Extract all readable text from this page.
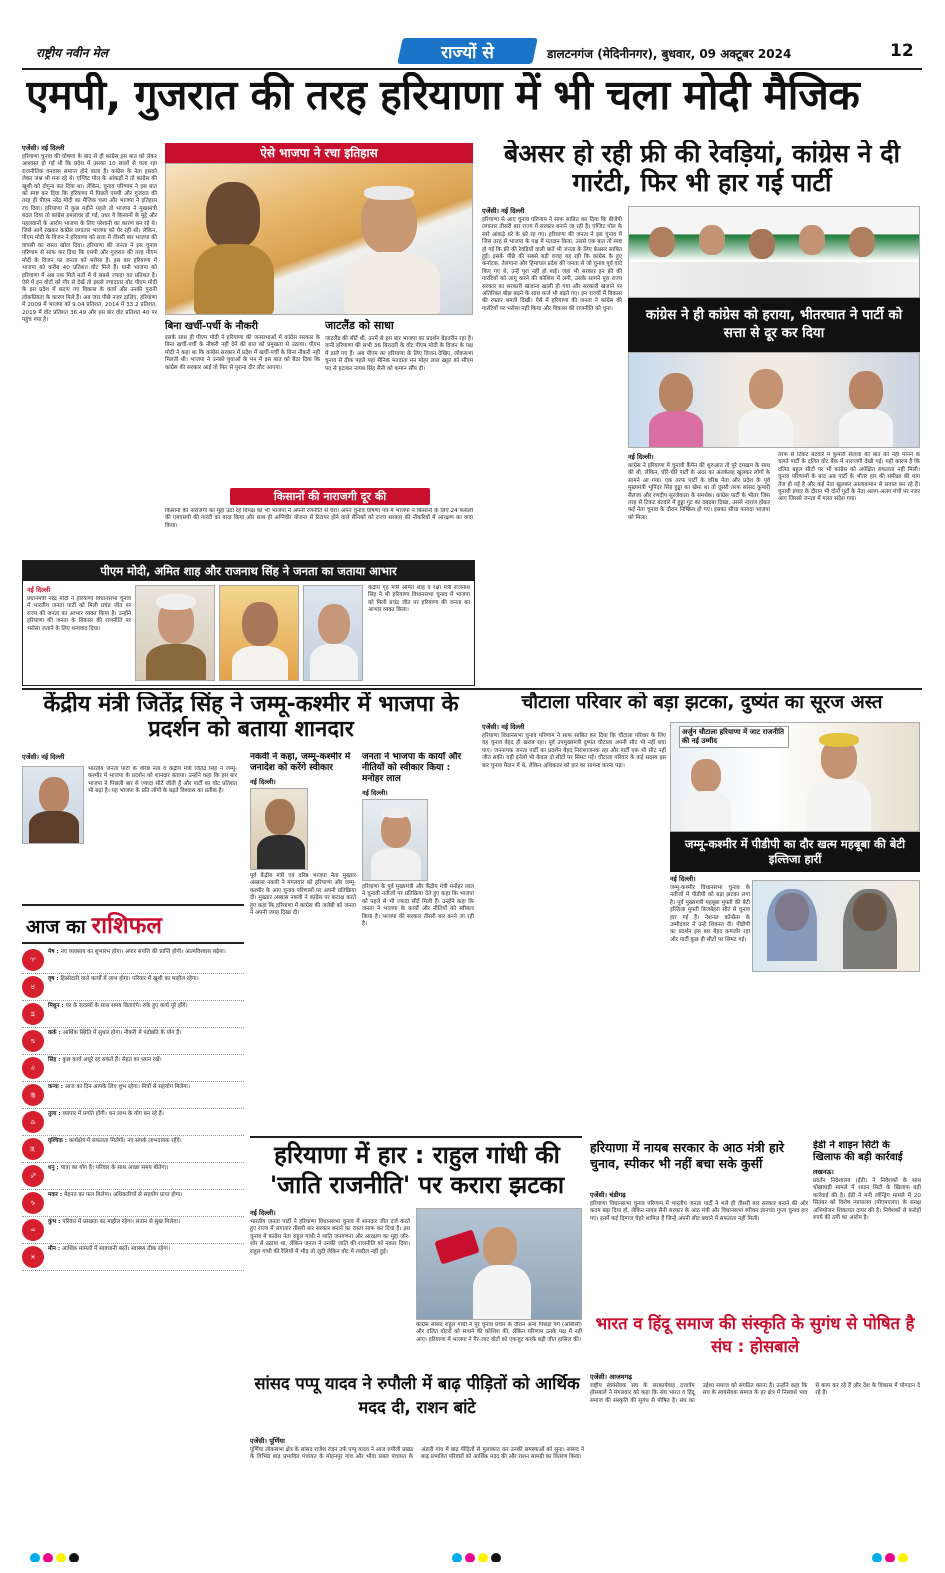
राष्ट्रीय नवीन मेल	राज्यों से	डालटनगंज (मेदिनीनगर), बुधवार, 09 अक्टूबर 2024	12
एमपी, गुजरात की तरह हरियाणा में भी चला मोदी मैजिक
एजेंसी। नई दिल्ली
हरियाणा चुनाव की घोषणा के बाद से ही कांग्रेस इस बात को लेकर आश्वस्त हो गई थी कि प्रदेश में उसका 10 सालों से चला रहा राजनीतिक वनवास समाप्त होने वाला है। कांग्रेस के नेता इसको लेकर जश्न भी मना रहे थे। एग्जिट पोल के आंकड़ों ने तो कांग्रेस की खुशी को दोगुना कर दिया था। लेकिन, चुनाव परिणाम ने इस बात को स्पष्ट कर दिया कि हरियाणा में पिछले एमपी और गुजरात की तरह ही पीएम नरेंद्र मोदी का मैजिक चला और भाजपा ने इतिहास रच दिया। हरियाणा में कुछ महीने पहले तो भाजपा ने मुख्यमंत्री बदल दिया तो कांग्रेस हमलावर हो गई, उधर ये किसानों के मुद्दे और पहलवानों के आरोप भाजपा के लिए परेशानी का कारण बन रहे थे। जिसे आगे रखकर कांग्रेस लगातार भाजपा को घेर रही थी। लेकिन, पीएम मोदी के विजन ने हरियाणा को सत्ता में तीसरी बार भाजपा की वापसी का रास्ता खोल दिया। हरियाणा की जनता ने इस चुनाव परिणाम से साफ कर दिया कि एमपी और गुजरात की तरह पीएम मोदी के विजन पर जनता को भरोसा है। इस बार हरियाणा में भाजपा को करीब 40 प्रतिशत वोट मिले हैं। यानी भाजपा को हरियाणा में अब तक मिले मतों में ये सबसे ज्यादा वत प्रतिशत है। ऐसे में इन वोटों को गौर से देखें तो इससे ज्यादातर वोट पीएम मोदी के इस प्रदेश में कराए गए विकास के कार्य और उनकी पुरानी लोकप्रियता के कारण मिले हैं। अब जरा पीछे नजर डालिए, हरियाणा में 2009 में भाजपा को 9.04 प्रतिशत, 2014 में 33.2 प्रतिशत, 2019 में वोट प्रतिशत 36.49 और इस बार वोट प्रतिशत 40 पर पहुंच गया है।
ऐसे भाजपा ने रचा इतिहास
बिना खर्ची-पर्ची के नौकरी
इसके साथ ही पीएम मोदी ने हरियाणा की जनसभाओं में कांग्रेस सरकार के बिना खर्ची-पर्ची के नौकरी नहीं देने की बात को प्रमुखता से उठाया। पीएम मोदी ने कहा था कि कांग्रेस सरकार में प्रदेश में खर्ची-पर्ची के बिना नौकरी नहीं मिलती थी। भाजपा ने उनको युवाओं के मन में इस बात को बैठा दिया कि कांग्रेस की सरकार आई तो फिर से पुराना दौर लौट आएगा।
जाटलैंड को साधा
जाटलैंड की सीटें थीं, उनमें से इस बार भाजपा का प्रदर्शन बेहतरीन रहा है। यानी हरियाणा की सभी 36 बिरादरी के वोट पीएम मोदी के विजन के पक्ष में डाले गए हैं। अब पीएम का हरियाणा के लिए विजन देखिए, लोकसभा चुनाव से ठीक पहले यहां सैनिक मतदाता मन मोहर लाल खट्टर को सीएम पद से हटाकर नायब सिंह सैनी को कमान सौंप दी।
किसानों की नाराजगी दूर की
किसानों की नाराजगी का मुद्दा उठा रहे विपक्ष को भी भाजपा ने अपनी रणनीति से घेरा। अपने चुनाव घोषणा पत्र में भाजपा ने किसानों के लिए 24 फसलों की एमएसपी की गारंटी का वादा किया और साथ ही अग्निवीर योजना से रिटायर होने वाले सैनिकों को राज्य सरकार की नौकरियों में आरक्षण का वादा किया।
पीएम मोदी, अमित शाह और राजनाथ सिंह ने जनता का जताया आभार
नई दिल्ली
प्रधानमंत्री नरेंद्र मोदी ने हरियाणा विधानसभा चुनाव में भारतीय जनता पार्टी को मिली प्रचंड जीत पर राज्य की जनता का आभार व्यक्त किया है। उन्होंने हरियाणा की जनता के विकास की राजनीति पर भरोसा जताने के लिए धन्यवाद दिया।
केंद्रीय गृह मंत्री अमित शाह व रक्षा मंत्री राजनाथ सिंह ने भी हरियाणा विधानसभा चुनाव में भाजपा को मिली प्रचंड जीत पर हरियाणा की जनता का आभार व्यक्त किया।
बेअसर हो रही फ्री की रेवड़ियां, कांग्रेस ने दी गारंटी, फिर भी हार गई पार्टी
एजेंसी। नई दिल्ली
हरियाणा से आए चुनाव परिणाम ने साफ साबित कर दिया कि बीजेपी लगातार तीसरी बार राज्य में सरकार बनाने जा रही है। एग्जिट पोल के सारे आंकड़े धरे के धरे रह गए। हरियाणा की जनता ने इस चुनाव में जिस तरह से भाजपा के पक्ष में मतदान किया, उससे एक बात तो स्पष्ट हो गई कि फ्री की रेवड़ियों वाली बातें भी जनता के लिए बेअसर साबित हुईं। इसके पीछे की सबसे बड़ी वजह यह रही कि कांग्रेस के हुए कर्नाटक, तेलंगाना और हिमाचल प्रदेश की जनता से जो चुनाव पूर्व वादे किए गए थे, उन्हें पूरा नहीं हो पाई। जहां भी सरकार इन फ्री की गारंटियों को लागू करने की कोशिश में लगी, उसके सामने पूरा राज्य सरकार का सरकारी खजाना खाली हो गया और सरकारी खजाने पर अतिरिक्त बोझ बढ़ने के साथ कर्ज भी बढ़ते गए। इन राज्यों में विकास की रफ्तार थमती दिखी। ऐसे में हरियाणा की जनता ने कांग्रेस की गारंटियों पर भरोसा नहीं किया और विकास की राजनीति को चुना।	कांग्रेस ने ही कांग्रेस को हराया, भीतरघात ने पार्टी को सत्ता से दूर कर दिया
नई दिल्ली।
कांग्रेस ने हरियाणा में चुनावी कैंपेन की शुरुआत तो पूरे दमखम के साथ की थी, लेकिन, धीरे-धीरे पार्टी के अंदर का अंतर्कलह खुलकर लोगों के सामने आ गया। एक तरफ पार्टी के वरिष्ठ नेता और प्रदेश के पूर्व मुख्यमंत्री भूपिंदर सिंह हुड्डा का खेमा था तो दूसरी तरफ सांसद कुमारी सैलजा और रणदीप सुरजेवाला के समर्थक। कांग्रेस पार्टी के भीतर जिस तरह से टिकट बंटवारे में हुड्डा गुट का दबदबा दिखा, उससे नाराज होकर कई नेता चुनाव के दौरान निष्क्रिय हो गए। इसका सीधा फायदा भाजपा को मिला।
तरफ से टिकट बंटवारे में कुमारी सैलजा की बात को नहीं मानने के चलते पार्टी के दलित वोट बैंक में नाराजगी देखी गई। यही कारण है कि दलित बहुल सीटों पर भी कांग्रेस को अपेक्षित सफलता नहीं मिली। चुनाव परिणामों के बाद अब पार्टी के भीतर हार की समीक्षा की मांग तेज हो गई है और कई नेता खुलकर आलाकमान से सवाल कर रहे हैं। चुनावी प्रचार के दौरान भी दोनों गुटों के नेता अलग-अलग मंचों पर नजर आए जिससे जनता में गलत संदेश गया।
केंद्रीय मंत्री जितेंद्र सिंह ने जम्मू-कश्मीर में भाजपा के प्रदर्शन को बताया शानदार
एजेंसी। नई दिल्ली
भारतीय जनता पार्टी के वरिष्ठ नेता व केंद्रीय मंत्री जितेंद्र सिंह ने जम्मू-कश्मीर में भाजपा के प्रदर्शन को शानदार बताया। उन्होंने कहा कि इस बार भाजपा ने पिछली बार से ज्यादा सीटें जीती हैं और पार्टी का वोट प्रतिशत भी बढ़ा है। यह भाजपा के प्रति लोगों के बढ़ते विश्वास का प्रतीक है।
नकवी ने कहा, जम्मू-कश्मीर में जनादेश को करेंगे स्वीकार
नई दिल्ली।
पूर्व केंद्रीय मंत्री एवं वरिष्ठ भाजपा नेता मुख्तार अब्बास नकवी ने मंगलवार को हरियाणा और जम्मू-कश्मीर के आए चुनाव परिणामों पर अपनी प्रतिक्रिया दी। मुख्तार अब्बास नकवी ने कांग्रेस पर कटाक्ष करते हुए कहा कि हरियाणा में कांग्रेस की जलेबी को जनता ने अपनी जगह दिखा दी।
जनता ने भाजपा के कार्यों और नीतियों को स्वीकार किया : मनोहर लाल
नई दिल्ली।
हरियाणा के पूर्व मुख्यमंत्री और केंद्रीय मंत्री मनोहर लाल ने चुनावी नतीजों पर प्रतिक्रिया देते हुए कहा कि भाजपा को पहले से भी ज्यादा सीटें मिली हैं। उन्होंने कहा कि जनता ने भाजपा के कार्यों और नीतियों को स्वीकार किया है। भाजपा की सरकार तीसरी बार बनने जा रही है।
आज का राशिफल
♈
मेष : नए व्यवसाय का शुभारंभ होगा। अपार संपत्ति की प्राप्ति होगी। आत्मविश्वास बढ़ेगा।
♉
वृष : हिस्सेदारी वाले कार्यों में लाभ होगा। परिवार में खुशी का माहौल रहेगा।
♊
मिथुन : घर के सदस्यों के साथ समय बिताएंगे। रुके हुए कार्य पूरे होंगे।
♋
कर्क : आर्थिक स्थिति में सुधार होगा। नौकरी में पदोन्नति के योग हैं।
♌
सिंह : कुछ कार्य अधूरे रह सकते हैं। सेहत का ध्यान रखें।
♍
कन्या : आज का दिन आपके लिए शुभ रहेगा। मित्रों से सहयोग मिलेगा।
♎
तुला : व्यापार में प्रगति होगी। धन लाभ के योग बन रहे हैं।
♏
वृश्चिक : कार्यक्षेत्र में सफलता मिलेगी। नए संपर्क लाभदायक रहेंगे।
♐
धनु : यात्रा का योग है। परिवार के साथ अच्छा समय बीतेगा।
♑
मकर : मेहनत का फल मिलेगा। अधिकारियों से सहयोग प्राप्त होगा।
♒
कुंभ : परिवार में प्रसन्नता का माहौल रहेगा। संतान से सुख मिलेगा।
♓
मीन : आर्थिक मामलों में सावधानी बरतें। स्वास्थ्य ठीक रहेगा।
चौटाला परिवार को बड़ा झटका, दुष्यंत का सूरज अस्त
एजेंसी। नई दिल्ली
हरियाणा विधानसभा चुनाव परिणाम ने साफ साबित कर दिया कि चौटाला परिवार के लिए यह चुनाव बेहद ही खराब रहा। पूर्व उपमुख्यमंत्री दुष्यंत चौटाला अपनी सीट भी नहीं बचा पाए। जननायक जनता पार्टी का प्रदर्शन बेहद निराशाजनक रहा और पार्टी एक भी सीट नहीं जीत सकी। वहीं इनेलो भी केवल दो सीटों पर सिमट गई। चौटाला परिवार के कई सदस्य इस बार चुनाव मैदान में थे, लेकिन अधिकतर को हार का सामना करना पड़ा।
अर्जुन चौटाला हरियाणा में जाट राजनीति की नई उम्मीद
जम्मू-कश्मीर में पीडीपी का दौर खत्म महबूबा की बेटी इल्तिजा हारीं
नई दिल्ली।
जम्मू-कश्मीर विधानसभा चुनाव के नतीजों में पीडीपी को बड़ा झटका लगा है। पूर्व मुख्यमंत्री महबूबा मुफ्ती की बेटी इल्तिजा मुफ्ती बिजबेहरा सीट से चुनाव हार गई हैं। नेशनल कॉन्फ्रेंस के उम्मीदवार ने उन्हें शिकस्त दी। पीडीपी का प्रदर्शन इस बार बेहद कमजोर रहा और पार्टी कुछ ही सीटों पर सिमट गई।
हरियाणा में हार : राहुल गांधी की 'जाति राजनीति' पर करारा झटका
नई दिल्ली।
भारतीय जनता पार्टी ने हरियाणा विधानसभा चुनाव में शानदार जीत दर्ज करते हुए राज्य में लगातार तीसरी बार सरकार बनाने का रास्ता साफ कर दिया है। इस चुनाव में कांग्रेस नेता राहुल गांधी ने जाति जनगणना और आरक्षण का मुद्दा जोर-शोर से उठाया था, लेकिन जनता ने उनकी जाति की राजनीति को नकार दिया। राहुल गांधी की रैलियों में भीड़ तो जुटी लेकिन वोट में तब्दील नहीं हुई।
कांग्रेस सांसद राहुल गांधी ने पूरे चुनाव प्रचार के दौरान अन्य पिछड़ा वर्ग (ओबीसी) और दलित वोटरों को साधने की कोशिश की, लेकिन परिणाम उनके पक्ष में नहीं आए। हरियाणा में भाजपा ने गैर-जाट वोटों को एकजुट करके बड़ी जीत हासिल की।
हरियाणा में नायब सरकार के आठ मंत्री हारे चुनाव, स्पीकर भी नहीं बचा सके कुर्सी
एजेंसी। चंडीगढ़
हरियाणा विधानसभा चुनाव परिणाम में भारतीय जनता पार्टी ने भले ही तीसरी बार सरकार बनाने की ओर कदम बढ़ा दिया हो, लेकिन नायब सैनी सरकार के आठ मंत्री और विधानसभा स्पीकर ज्ञानचंद गुप्ता चुनाव हार गए। इनमें कई दिग्गज चेहरे शामिल हैं जिन्हें अपनी सीट बचाने में सफलता नहीं मिली।
ईडी ने शाइन सिटी के खिलाफ की बड़ी कार्रवाई
लखनऊ।
प्रवर्तन निदेशालय (ईडी) ने निवेशकों के साथ धोखाधड़ी मामले में शाइन सिटी के खिलाफ बड़ी कार्रवाई की है। ईडी ने मनी लॉन्ड्रिंग मामले में 20 सितंबर को विशेष न्यायालय (पीएमएलए) के समक्ष अभियोजन शिकायत दायर की है। निवेशकों से करोड़ों रुपये की ठगी का आरोप है।
भारत व हिंदू समाज की संस्कृति के सुगंध से पोषित है संघ : होसबाले
एजेंसी। आजमगढ़
राष्ट्रीय स्वयंसेवक संघ के सरकार्यवाह दत्तात्रेय होसबाले ने मंगलवार को कहा कि संघ भारत व हिंदू समाज की संस्कृति की सुगंध से पोषित है। संघ का उद्देश्य समाज को संगठित करना है। उन्होंने कहा कि संघ के स्वयंसेवक समाज के हर क्षेत्र में निस्वार्थ भाव से काम कर रहे हैं और देश के विकास में योगदान दे रहे हैं।
सांसद पप्पू यादव ने रुपौली में बाढ़ पीड़ितों को आर्थिक मदद दी, राशन बांटे
एजेंसी। पूर्णिया
पूर्णिया लोकसभा क्षेत्र के सांसद राजेश रंजन उर्फ पप्पू यादव ने आज रुपौली प्रखंड के विभिन्न बाढ़ प्रभावित पंचायत के मोहनपुर गांव और भौवा प्रबल पंचायत के अंडारी गांव में बाढ़ पीड़ितों से मुलाकात कर उनकी समस्याओं को सुना। सांसद ने बाढ़ प्रभावित परिवारों को आर्थिक मदद की और राशन सामग्री का वितरण किया।
